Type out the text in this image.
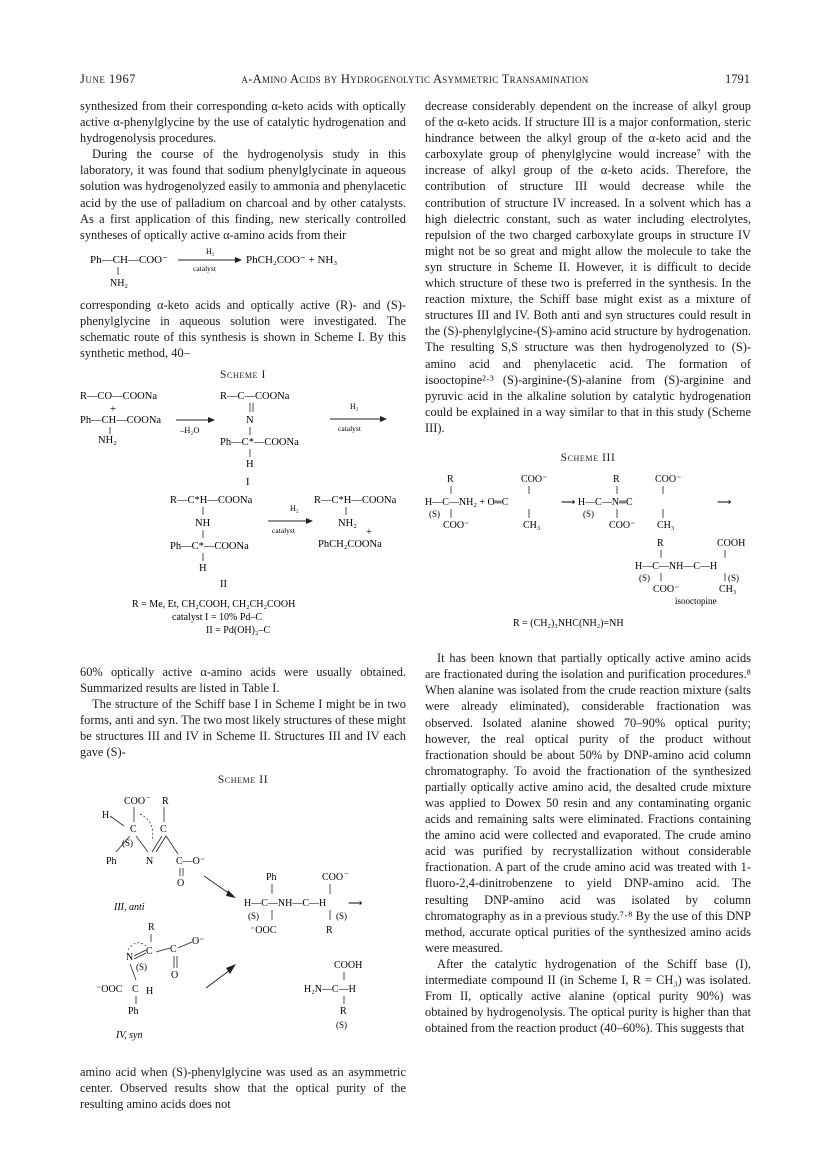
June 1967	α-Amino Acids by Hydrogenolytic Asymmetric Transamination	1791

synthesized from their corresponding α-keto acids with optically active α-phenylglycine by the use of catalytic hydrogenation and hydrogenolysis procedures.

During the course of the hydrogenolysis study in this laboratory, it was found that sodium phenylglycinate in aqueous solution was hydrogenolyzed easily to ammonia and phenylacetic acid by the use of palladium on charcoal and by other catalysts. As a first application of this finding, new sterically controlled syntheses of optically active α-amino acids from their

Ph—CH—COO⁻
NH₂
H₂
catalyst
PhCH₂COO⁻ + NH₃

corresponding α-keto acids and optically active (R)- and (S)-phenylglycine in aqueous solution were investigated. The schematic route of this synthesis is shown in Scheme I. By this synthetic method, 40–

Scheme I
R—CO—COONa
+
Ph—CH—COONa
NH₂
–H₂O
R—C—COONa
N
Ph—C*—COONa
H
I
H₂
catalyst
R—C*H—COONa
NH
Ph—C*—COONa
H
II
H₂
catalyst
R—C*H—COONa
NH₂
+
PhCH₂COONa
R = Me, Et, CH₂COOH, CH₂CH₂COOH
catalyst I = 10% Pd–C
II = Pd(OH)₂–C

60% optically active α-amino acids were usually obtained. Summarized results are listed in Table I.

The structure of the Schiff base I in Scheme I might be in two forms, anti and syn. The two most likely structures of these might be structures III and IV in Scheme II. Structures III and IV each gave (S)-

Scheme II
COO − R
H
C C
(S)
Ph	N C—O⁻
O
III, anti
Ph	COO −
H—C—NH—C—H ⟶
(S)	(S)
⁻OOC	R
R
N
C C
O⁻
O
(S)
⁻OOC C H
Ph
IV, syn
COOH
H₂N—C—H
R
(S)

amino acid when (S)-phenylglycine was used as an asymmetric center. Observed results show that the optical purity of the resulting amino acids does not

decrease considerably dependent on the increase of alkyl group of the α-keto acids. If structure III is a major conformation, steric hindrance between the alkyl group of the α-keto acid and the carboxylate group of phenylglycine would increase⁷ with the increase of alkyl group of the α-keto acids. Therefore, the contribution of structure III would decrease while the contribution of structure IV increased. In a solvent which has a high dielectric constant, such as water including electrolytes, repulsion of the two charged carboxylate groups in structure IV might not be so great and might allow the molecule to take the syn structure in Scheme II. However, it is difficult to decide which structure of these two is preferred in the synthesis. In the reaction mixture, the Schiff base might exist as a mixture of structures III and IV. Both anti and syn structures could result in the (S)-phenylglycine-(S)-amino acid structure by hydrogenation. The resulting S,S structure was then hydrogenolyzed to (S)-amino acid and phenylacetic acid. The formation of isooctopine²·³ (S)-arginine-(S)-alanine from (S)-arginine and pyruvic acid in the alkaline solution by catalytic hydrogenation could be explained in a way similar to that in this study (Scheme III).

Scheme III
R	COO⁻	R	COO⁻
H—C—NH₂ + O═C	⟶ H—C—N═C	⟶
(S)	(S)
COO⁻	CH₃	COO⁻ CH₃
R	COOH
H—C—NH—C—H
(S)	(S)
COO⁻	CH₃
isooctopine
R = (CH₂)₃NHC(NH₂)=NH

It has been known that partially optically active amino acids are fractionated during the isolation and purification procedures.⁸ When alanine was isolated from the crude reaction mixture (salts were already eliminated), considerable fractionation was observed. Isolated alanine showed 70–90% optical purity; however, the real optical purity of the product without fractionation should be about 50% by DNP-amino acid column chromatography. To avoid the fractionation of the synthesized partially optically active amino acid, the desalted crude mixture was applied to Dowex 50 resin and any contaminating organic acids and remaining salts were eliminated. Fractions containing the amino acid were collected and evaporated. The crude amino acid was purified by recrystallization without considerable fractionation. A part of the crude amino acid was treated with 1-fluoro-2,4-dinitrobenzene to yield DNP-amino acid. The resulting DNP-amino acid was isolated by column chromatography as in a previous study.⁷·⁸ By the use of this DNP method, accurate optical purities of the synthesized amino acids were measured.

After the catalytic hydrogenation of the Schiff base (I), intermediate compound II (in Scheme I, R = CH₃) was isolated. From II, optically active alanine (optical purity 90%) was obtained by hydrogenolysis. The optical purity is higher than that obtained from the reaction product (40–60%). This suggests that
